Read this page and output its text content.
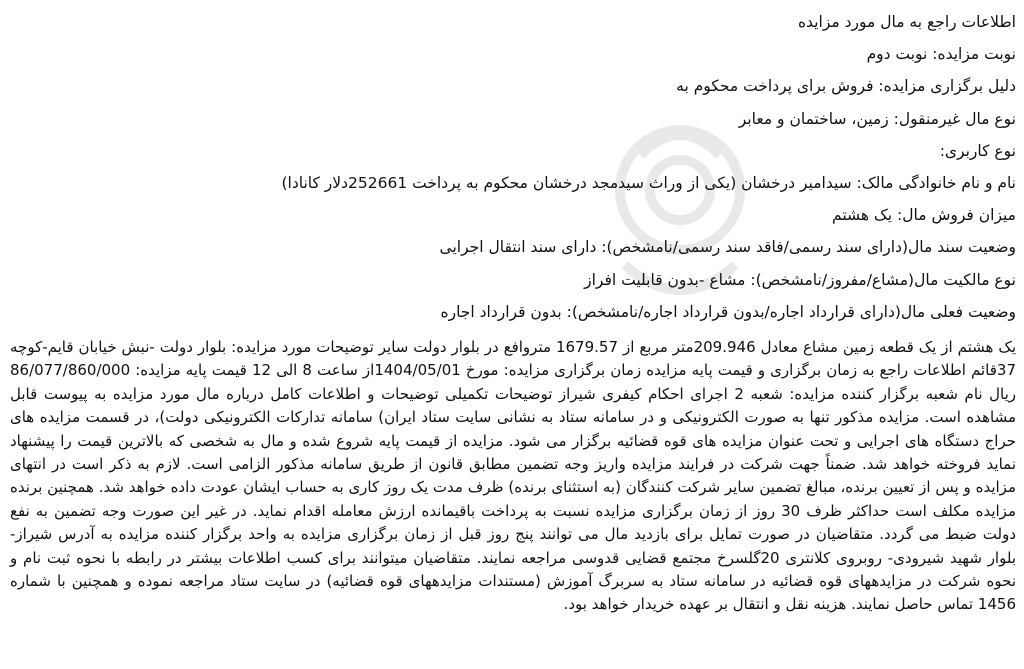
اطلاعات راجع به مال مورد مزایده
نوبت مزایده: نوبت دوم
دلیل برگزاری مزایده: فروش برای پرداخت محکوم به
نوع مال غیرمنقول: زمین، ساختمان و معابر
نوع کاربری:
نام و نام خانوادگی مالک: سیدامیر درخشان (یکی از وراث سیدمجد درخشان محکوم به پرداخت 252661دلار کانادا)
میزان فروش مال: یک هشتم
وضعیت سند مال(دارای سند رسمی/فاقد سند رسمی/نامشخص): دارای سند انتقال اجرایی
نوع مالکیت مال(مشاع/مفروز/نامشخص): مشاع -بدون قابلیت افراز
وضعیت فعلی مال(دارای قرارداد اجاره/بدون قرارداد اجاره/نامشخص): بدون قرارداد اجاره
یک هشتم از یک قطعه زمین مشاع معادل 209.946متر مربع از 1679.57 متروافع در بلوار دولت سایر توضیحات مورد مزایده: بلوار دولت -نبش خیابان قایم-کوچه 37قائم اطلاعات راجع به زمان برگزاری و قیمت پایه مزایده زمان برگزاری مزایده: مورخ 1404/05/01از ساعت 8 الی 12 قیمت پایه مزایده: 86/077/860/000 ریال نام شعبه برگزار کننده مزایده: شعبه 2 اجرای احکام کیفری شیراز توضیحات تکمیلی توضیحات و اطلاعات کامل درباره مال مورد مزایده به پیوست قابل مشاهده است. مزایده مذکور تنها به صورت الکترونیکی و در سامانه ستاد به نشانی سایت ستاد ایران) سامانه تدارکات الکترونیکی دولت)، در قسمت مزایده های حراج دستگاه های اجرایی و تحت عنوان مزایده های قوه قضائیه برگزار می شود. مزایده از قیمت پایه شروع شده و مال به شخصی که بالاترین قیمت را پیشنهاد نماید فروخته خواهد شد. ضمناً جهت شرکت در فرایند مزایده واریز وجه تضمین مطابق قانون از طریق سامانه مذکور الزامی است. لازم به ذکر است در انتهای مزایده و پس از تعیین برنده، مبالغ تضمین سایر شرکت کنندگان (به استثنای برنده) ظرف مدت یک روز کاری به حساب ایشان عودت داده خواهد شد. همچنین برنده مزایده مکلف است حداکثر ظرف 30 روز از زمان برگزاری مزایده نسبت به پرداخت باقیمانده ارزش معامله اقدام نماید. در غیر این صورت وجه تضمین به نفع دولت ضبط می گردد. متقاضیان در صورت تمایل برای بازدید مال می توانند پنج روز قبل از زمان برگزاری مزایده به واحد برگزار کننده مزایده به آدرس شیراز- بلوار شهید شیرودی- روبروی کلانتری 20گلسرخ مجتمع قضایی قدوسی مراجعه نمایند. متقاضیان میتوانند برای کسب اطلاعات بیشتر در رابطه با نحوه ثبت نام و نحوه شرکت در مزایدههای قوه قضائیه در سامانه ستاد به سربرگ آموزش (مستندات مزایدههای قوه قضائیه) در سایت ستاد مراجعه نموده و همچنین با شماره 1456 تماس حاصل نمایند. هزینه نقل و انتقال بر عهده خریدار خواهد بود.
